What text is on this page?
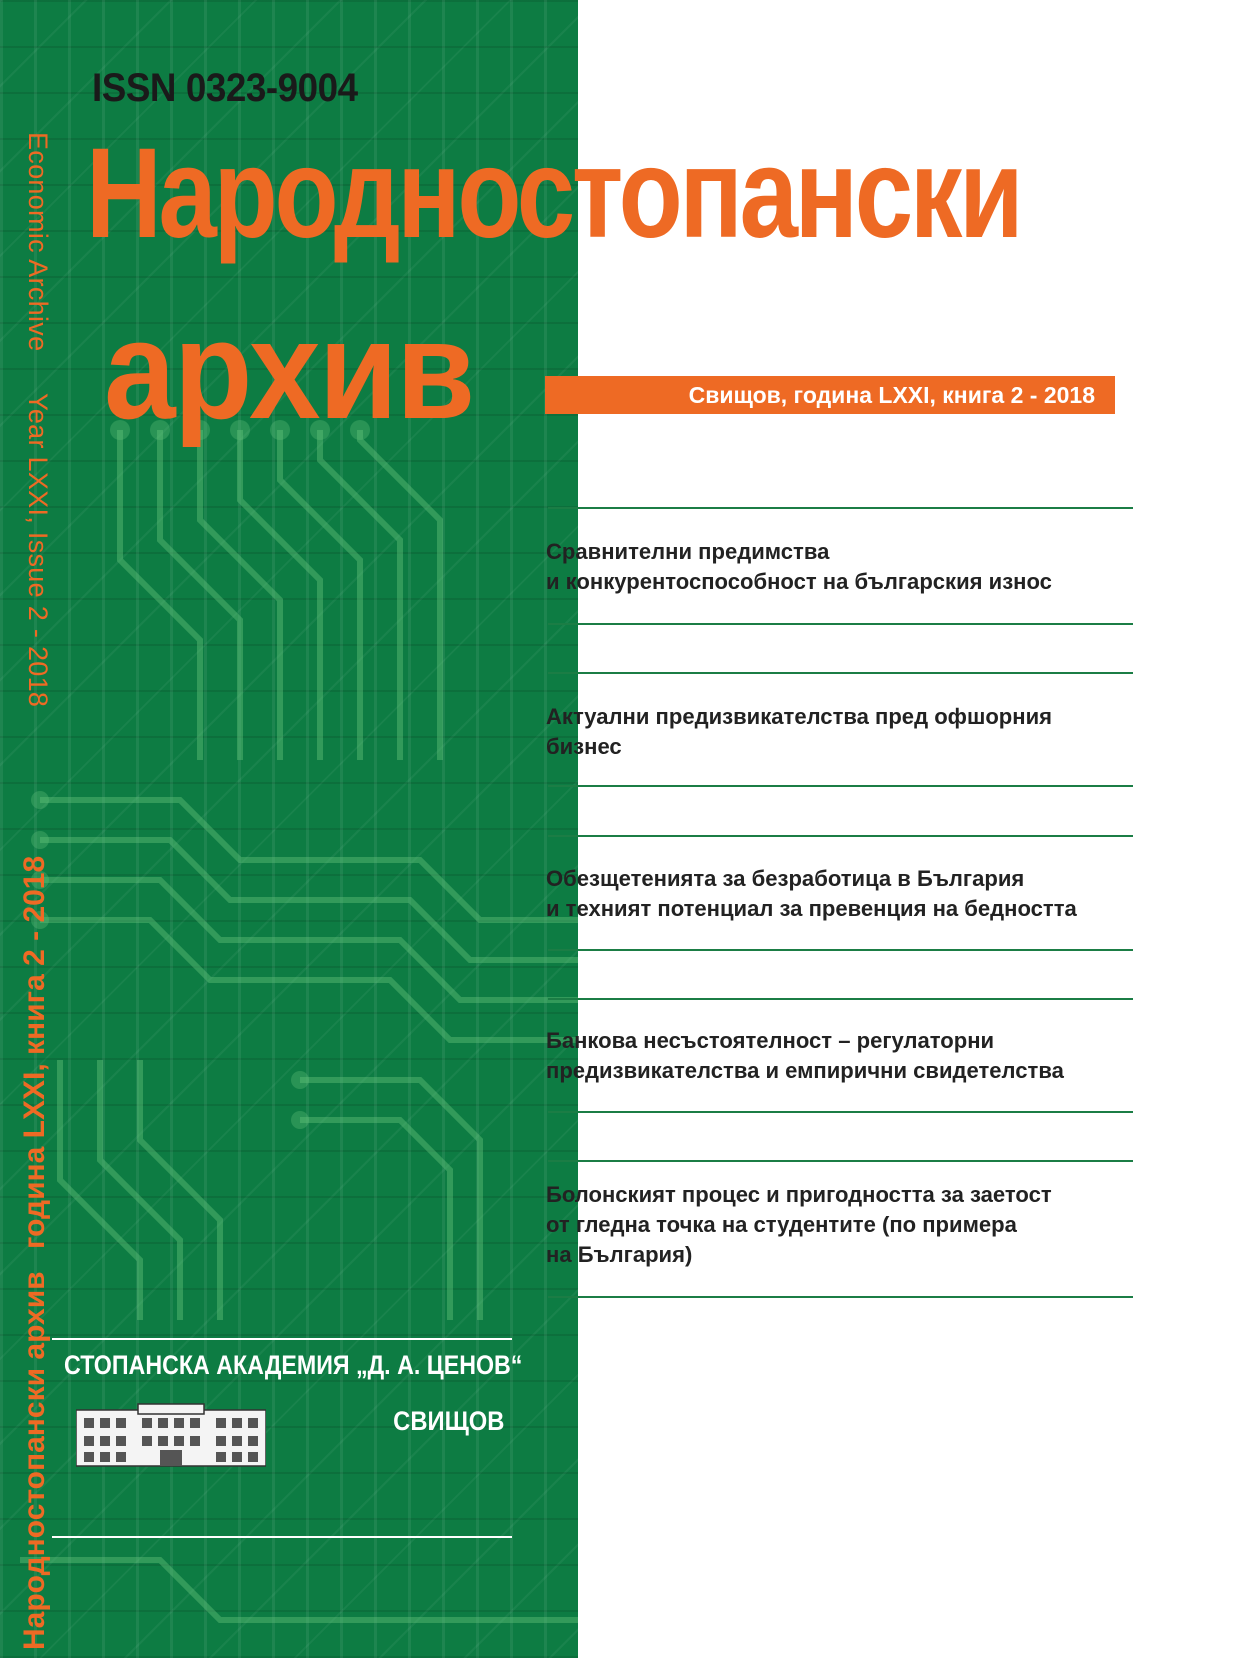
ISSN 0323-9004
Economic Archive Year LXXI, Issue 2 - 2018
Народностопански архив
година LXXI, книга 2 - 2018
Народностопански
архив	Свищов, година LXXI, книга 2 - 2018
Сравнителни предимства
и конкурентоспособност на българския износ
Актуални предизвикателства пред офшорния
бизнес
Обезщетенията за безработица в България
и техният потенциал за превенция на бедността
Банкова несъстоятелност – регулаторни
предизвикателства и емпирични свидетелства
Болонският процес и пригодността за заетост
от гледна точка на студентите (по примера
на България)
СТОПАНСКА АКАДЕМИЯ „Д. А. ЦЕНОВ“
СВИЩОВ
